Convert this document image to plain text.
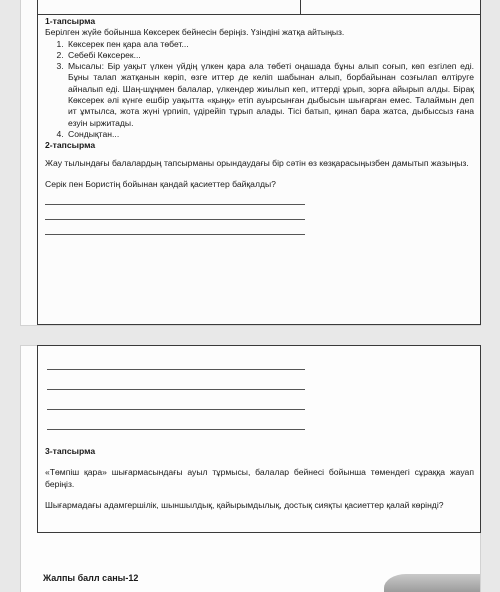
1-тапсырма
Берілген жүйе бойынша Көксерек бейнесін беріңіз. Үзіндіні жатқа айтыңыз.
1. Көксерек пен қара ала төбет...
2. Себебі Көксерек...
3. Мысалы: Бір уақыт үлкен үйдің үлкен қара ала төбеті оңашада бұны алып соғып, көп езгілеп еді. Бұны талап жатқанын көріп, өзге иттер де келіп шабынан алып, борбайынан созғылап өлтіруге айналып еді. Шаң-шұңмен балалар, үлкендер жиылып кеп, иттерді ұрып, зорға айырып алды. Бірақ Көксерек әлі күнге ешбір уақытта «қыңқ» етіп ауырсынған дыбысын шығарған емес. Талаймын деп ит ұмтылса, жота жүні үрпиіп, үдірейіп тұрып алады. Тісі батып, қинап бара жатса, дыбыссыз ғана езуін ыржитады.
4. Сондықтан...
2-тапсырма
Жау тылындағы балалардың тапсырманы орындаудағы бір сәтін өз көзқарасыңызбен дамытып жазыңыз.
Серік пен Бористің бойынан қандай қасиеттер байқалды?
3-тапсырма
«Төмпіш қара» шығармасындағы ауыл тұрмысы, балалар бейнесі бойынша төмендегі сұраққа жауап беріңіз.
Шығармадағы адамгершілік, шыншылдық, қайырымдылық, достық сияқты қасиеттер қалай көрінді?
Жалпы балл саны-12
